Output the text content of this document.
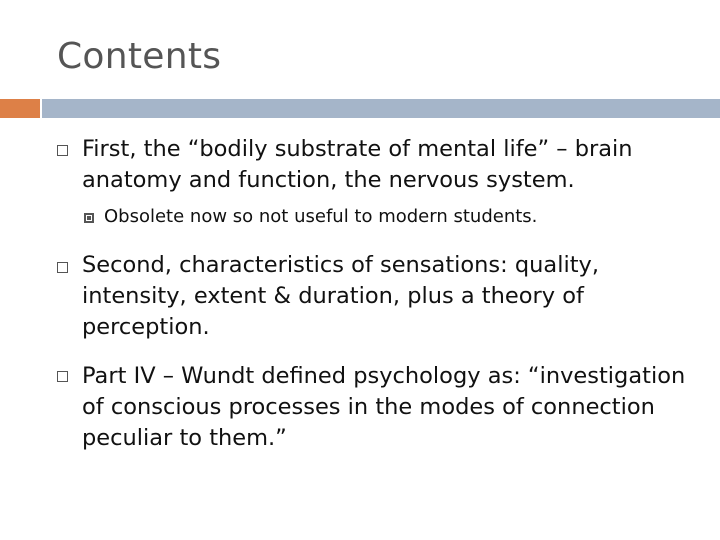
Contents
First, the “bodily substrate of mental life” – brain anatomy and function, the nervous system.
Obsolete now so not useful to modern students.
Second, characteristics of sensations: quality, intensity, extent & duration, plus a theory of perception.
Part IV – Wundt defined psychology as: “investigation of conscious processes in the modes of connection peculiar to them.”
